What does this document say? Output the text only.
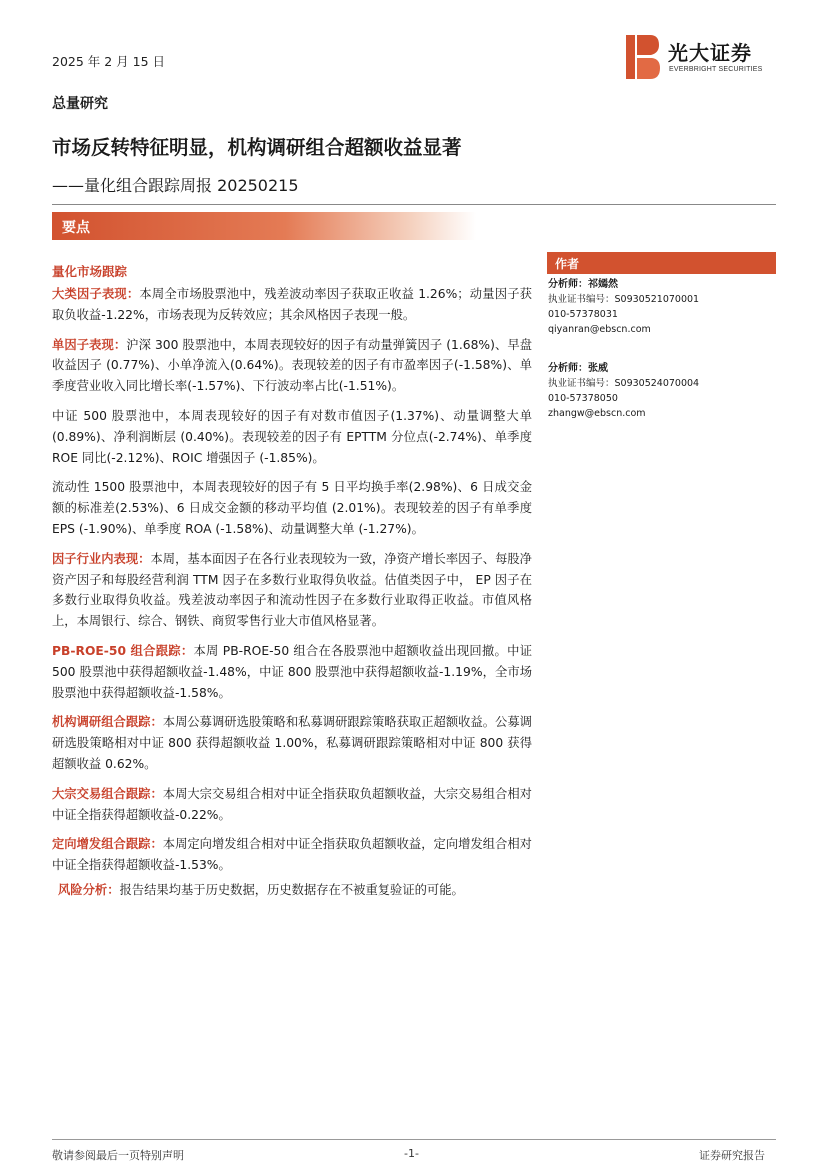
2025 年 2 月 15 日	光大证券
EVERBRIGHT SECURITIES
总量研究
市场反转特征明显，机构调研组合超额收益显著
——量化组合跟踪周报 20250215
要点
量化市场跟踪

大类因子表现：本周全市场股票池中，残差波动率因子获取正收益 1.26%；动量因子获取负收益-1.22%，市场表现为反转效应；其余风格因子表现一般。

单因子表现：沪深 300 股票池中，本周表现较好的因子有动量弹簧因子 (1.68%)、早盘收益因子 (0.77%)、小单净流入(0.64%)。表现较差的因子有市盈率因子(-1.58%)、单季度营业收入同比增长率(-1.57%)、下行波动率占比(-1.51%)。

中证 500 股票池中，本周表现较好的因子有对数市值因子(1.37%)、动量调整大单(0.89%)、净利润断层 (0.40%)。表现较差的因子有 EPTTM 分位点(-2.74%)、单季度 ROE 同比(-2.12%)、ROIC 增强因子 (-1.85%)。

流动性 1500 股票池中，本周表现较好的因子有 5 日平均换手率(2.98%)、6 日成交金额的标准差(2.53%)、6 日成交金额的移动平均值 (2.01%)。表现较差的因子有单季度 EPS (-1.90%)、单季度 ROA (-1.58%)、动量调整大单 (-1.27%)。

因子行业内表现：本周，基本面因子在各行业表现较为一致，净资产增长率因子、每股净资产因子和每股经营利润 TTM 因子在多数行业取得负收益。估值类因子中， EP 因子在多数行业取得负收益。残差波动率因子和流动性因子在多数行业取得正收益。市值风格上，本周银行、综合、钢铁、商贸零售行业大市值风格显著。

PB-ROE-50 组合跟踪：本周 PB-ROE-50 组合在各股票池中超额收益出现回撤。中证 500 股票池中获得超额收益-1.48%，中证 800 股票池中获得超额收益-1.19%，全市场股票池中获得超额收益-1.58%。

机构调研组合跟踪：本周公募调研选股策略和私募调研跟踪策略获取正超额收益。公募调研选股策略相对中证 800 获得超额收益 1.00%，私募调研跟踪策略相对中证 800 获得超额收益 0.62%。

大宗交易组合跟踪：本周大宗交易组合相对中证全指获取负超额收益，大宗交易组合相对中证全指获得超额收益-0.22%。

定向增发组合跟踪：本周定向增发组合相对中证全指获取负超额收益，定向增发组合相对中证全指获得超额收益-1.53%。

风险分析：报告结果均基于历史数据，历史数据存在不被重复验证的可能。
作者
分析师：祁嫣然
执业证书编号：S0930521070001
010-57378031
qiyanran@ebscn.com
分析师：张威
执业证书编号：S0930524070004
010-57378050
zhangw@ebscn.com
敬请参阅最后一页特别声明	-1-	证券研究报告
